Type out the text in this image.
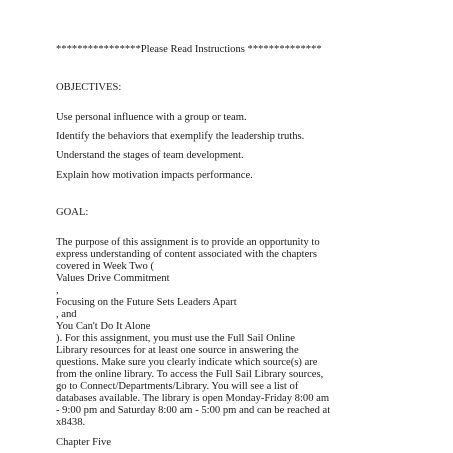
****************Please Read Instructions **************
OBJECTIVES:
Use personal influence with a group or team.
Identify the behaviors that exemplify the leadership truths.
Understand the stages of team development.
Explain how motivation impacts performance.
GOAL:
The purpose of this assignment is to provide an opportunity to
express understanding of content associated with the chapters
covered in Week Two (
Values Drive Commitment
,
Focusing on the Future Sets Leaders Apart
, and
You Can't Do It Alone
). For this assignment, you must use the Full Sail Online
Library resources for at least one source in answering the
questions. Make sure you clearly indicate which source(s) are
from the online library. To access the Full Sail Library sources,
go to Connect/Departments/Library. You will see a list of
databases available. The library is open Monday-Friday 8:00 am
- 9:00 pm and Saturday 8:00 am - 5:00 pm and can be reached at
x8438.
Chapter Five
